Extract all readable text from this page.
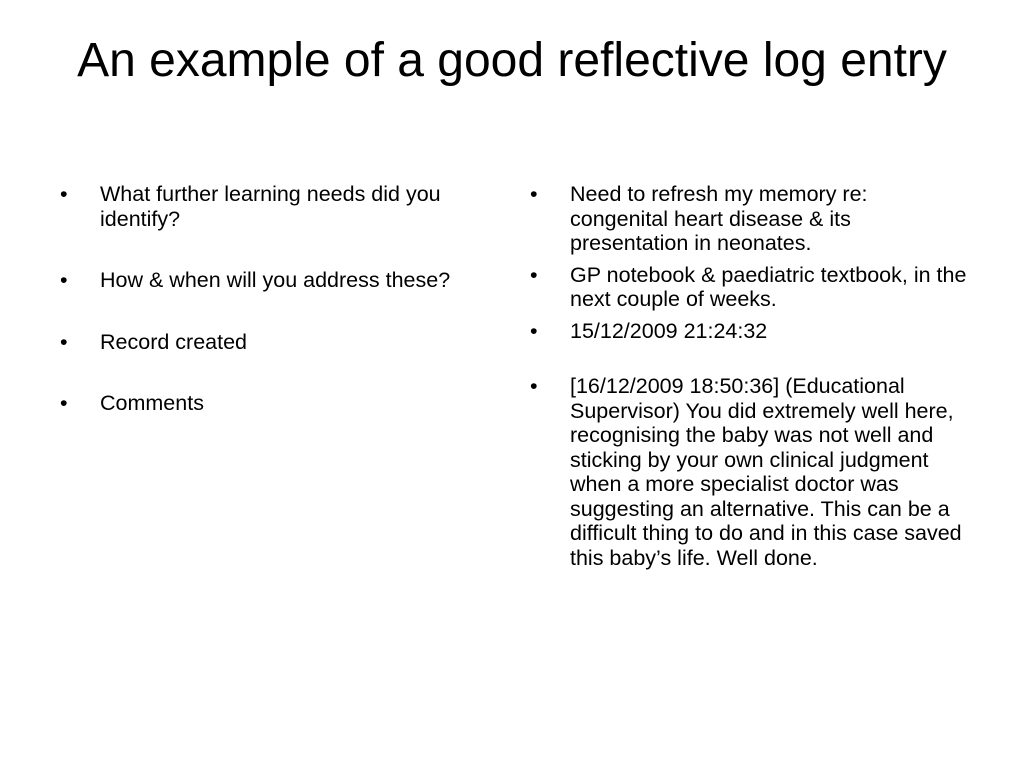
An example of a good reflective log entry
• What further learning needs did you identify?
• How & when will you address these?
• Record created
• Comments
• Need to refresh my memory re: congenital heart disease & its presentation in neonates.
• GP notebook & paediatric textbook, in the next couple of weeks.
• 15/12/2009 21:24:32
• [16/12/2009 18:50:36] (Educational Supervisor) You did extremely well here, recognising the baby was not well and sticking by your own clinical judgment when a more specialist doctor was suggesting an alternative. This can be a difficult thing to do and in this case saved this baby’s life. Well done.
